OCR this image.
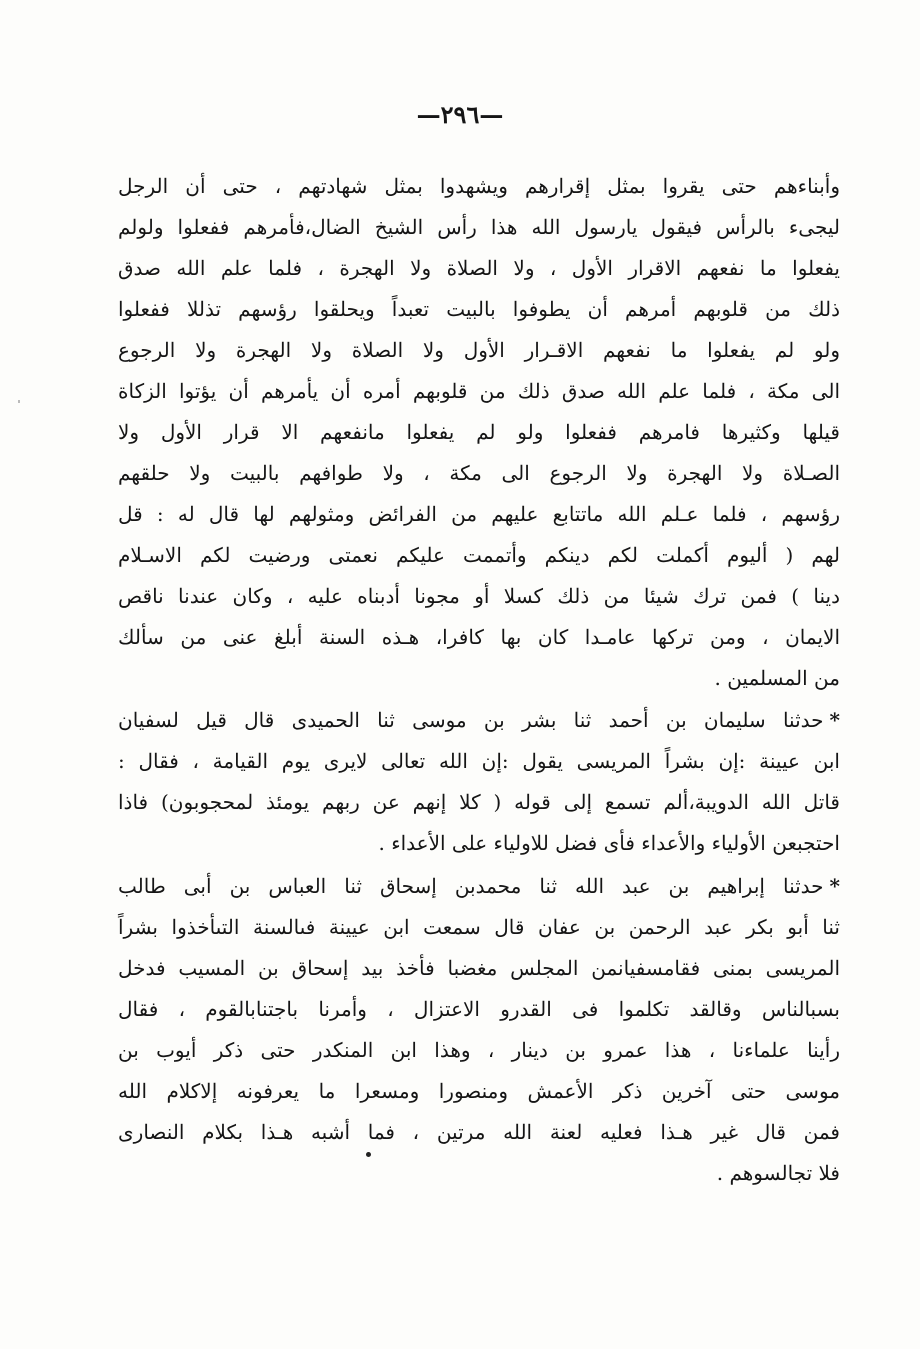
—٢٩٦—
وأبناءهم حتى يقروا بمثل إقرارهم ويشهدوا بمثل شهادتهم ، حتى أن الرجل
ليجىء بالرأس فيقول يارسول الله هذا رأس الشيخ الضال،فأمرهم ففعلوا ولولم
يفعلوا ما نفعهم الاقرار الأول ، ولا الصلاة ولا الهجرة ، فلما علم الله صدق
ذلك من قلوبهم أمرهم أن يطوفوا بالبيت تعبداً ويحلقوا رؤسهم تذللا ففعلوا
ولو لم يفعلوا ما نفعهم الاقـرار الأول ولا الصلاة ولا الهجرة ولا الرجوع
الى مكة ، فلما علم الله صدق ذلك من قلوبهم أمره أن يأمرهم أن يؤتوا الزكاة
قيلها وكثيرها فامرهم ففعلوا ولو لم يفعلوا مانفعهم الا قرار الأول ولا
الصـلاة ولا الهجرة ولا الرجوع الى مكة ، ولا طوافهم بالبيت ولا حلقهم
رؤسهم ، فلما عـلم الله ماتتابع عليهم من الفرائض ومثولهم لها قال له : قل
لهم ( أليوم أكملت لكم دينكم وأتممت عليكم نعمتى ورضيت لكم الاسـلام
دينا ) فمن ترك شيئا من ذلك كسلا أو مجونا أدبناه عليه ، وكان عندنا ناقص
الايمان ، ومن تركها عامـدا كان بها كافرا، هـذه السنة أبلغ عنى من سألك
من المسلمين .
*حدثنا سليمان بن أحمد ثنا بشر بن موسى ثنا الحميدى قال قيل لسفيان
ابن عيينة :إن بشراً المريسى يقول :إن الله تعالى لايرى يوم القيامة ، فقال :
قاتل الله الدويبة،ألم تسمع إلى قوله ( كلا إنهم عن ربهم يومئذ لمحجوبون) فاذا
احتجبعن الأولياء والأعداء فأى فضل للاولياء على الأعداء .
*حدثنا إبراهيم بن عبد الله ثنا محمدبن إسحاق ثنا العباس بن أبى طالب
ثنا أبو بكر عبد الرحمن بن عفان قال سمعت ابن عيينة فىالسنة التىأخذوا بشراً
المريسى بمنى فقامسفيانمن المجلس مغضبا فأخذ بيد إسحاق بن المسيب فدخل
بسبالناس وقالقد تكلموا فى القدرو الاعتزال ، وأمرنا باجتنابالقوم ، فقال
رأينا علماءنا ، هذا عمرو بن دينار ، وهذا ابن المنكدر حتى ذكر أيوب بن
موسى حتى آخرين ذكر الأعمش ومنصورا ومسعرا ما يعرفونه إلاكلام الله
فمن قال غير هـذا فعليه لعنة الله مرتين ، فما أشبه هـذا بكلام النصارى
فلا تجالسوهم .
